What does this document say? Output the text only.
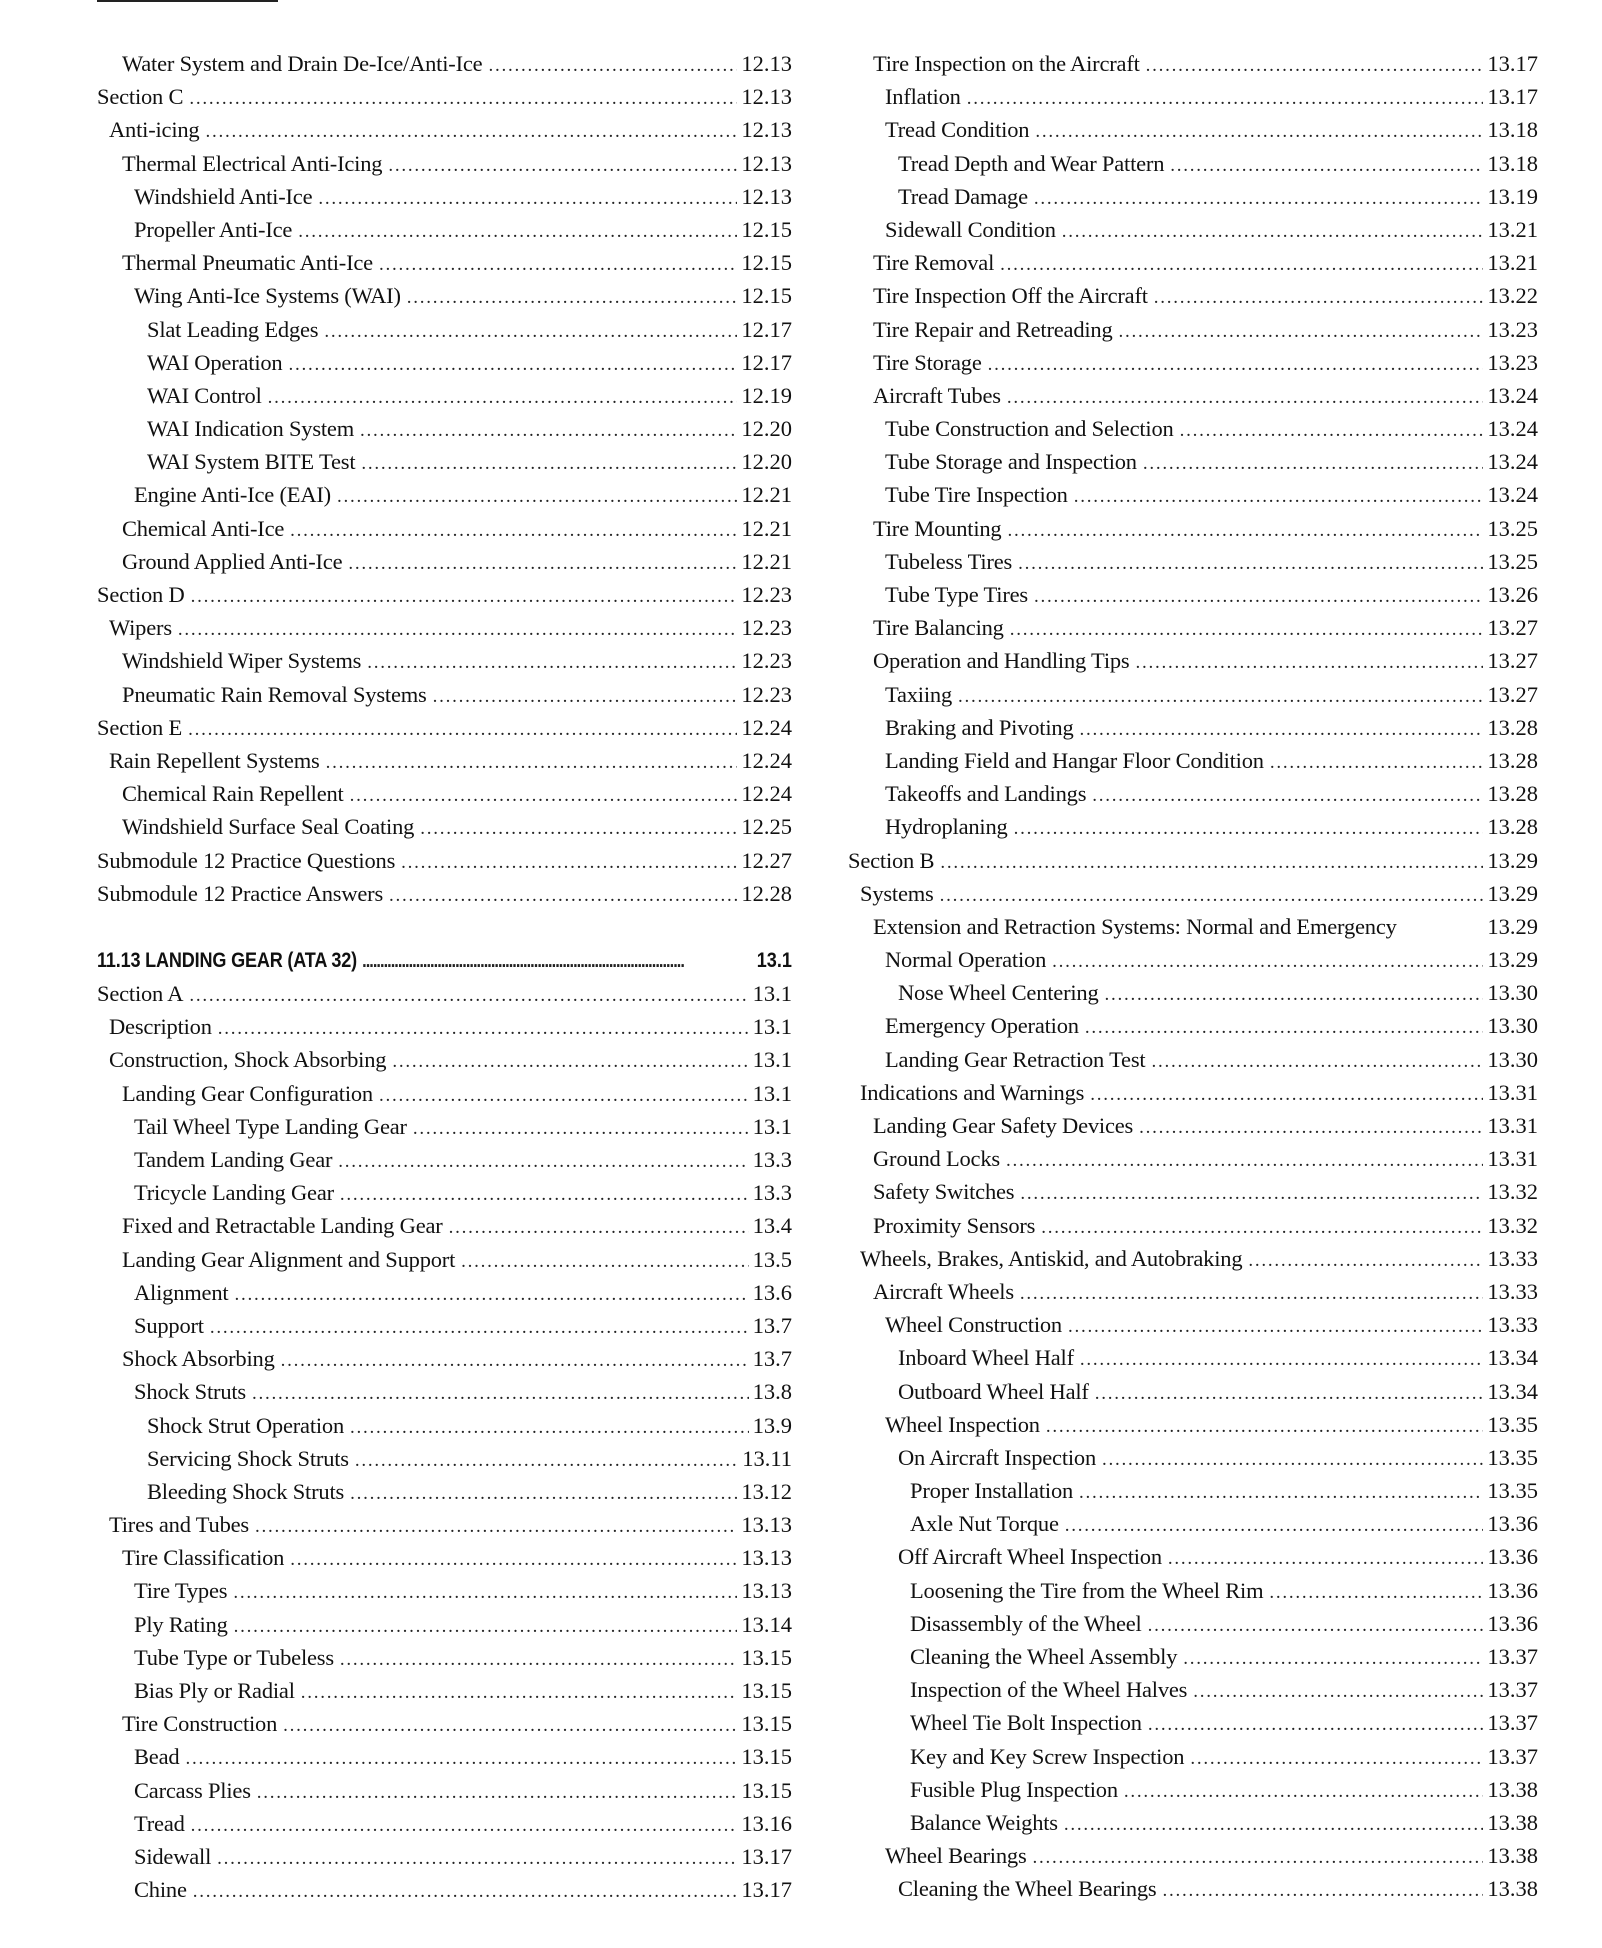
Water System and Drain De-Ice/Anti-Ice . . .	12.13
Section C . . .	12.13
Anti-icing . . .	12.13
Thermal Electrical Anti-Icing . . .	12.13
Windshield Anti-Ice . . .	12.13
Propeller Anti-Ice . . .	12.15
Thermal Pneumatic Anti-Ice . . .	12.15
Wing Anti-Ice Systems (WAI) . . .	12.15
Slat Leading Edges . . .	12.17
WAI Operation . . .	12.17
WAI Control . . .	12.19
WAI Indication System . . .	12.20
WAI System BITE Test . . .	12.20
Engine Anti-Ice (EAI) . . .	12.21
Chemical Anti-Ice . . .	12.21
Ground Applied Anti-Ice . . .	12.21
Section D . . .	12.23
Wipers . . .	12.23
Windshield Wiper Systems . . .	12.23
Pneumatic Rain Removal Systems . . .	12.23
Section E . . .	12.24
Rain Repellent Systems . . .	12.24
Chemical Rain Repellent . . .	12.24
Windshield Surface Seal Coating . . .	12.25
Submodule 12 Practice Questions . . .	12.27
Submodule 12 Practice Answers . . .	12.28
11.13 LANDING GEAR (ATA 32) . . .	13.1
Section A . . .	13.1
Description . . .	13.1
Construction, Shock Absorbing . . .	13.1
Landing Gear Configuration . . .	13.1
Tail Wheel Type Landing Gear . . .	13.1
Tandem Landing Gear . . .	13.3
Tricycle Landing Gear . . .	13.3
Fixed and Retractable Landing Gear . . .	13.4
Landing Gear Alignment and Support . . .	13.5
Alignment . . .	13.6
Support . . .	13.7
Shock Absorbing . . .	13.7
Shock Struts . . .	13.8
Shock Strut Operation . . .	13.9
Servicing Shock Struts . . .	13.11
Bleeding Shock Struts . . .	13.12
Tires and Tubes . . .	13.13
Tire Classification . . .	13.13
Tire Types . . .	13.13
Ply Rating . . .	13.14
Tube Type or Tubeless . . .	13.15
Bias Ply or Radial . . .	13.15
Tire Construction . . .	13.15
Bead . . .	13.15
Carcass Plies . . .	13.15
Tread . . .	13.16
Sidewall . . .	13.17
Chine . . .	13.17
Tire Inspection on the Aircraft . . .	13.17
Inflation . . .	13.17
Tread Condition . . .	13.18
Tread Depth and Wear Pattern . . .	13.18
Tread Damage . . .	13.19
Sidewall Condition . . .	13.21
Tire Removal . . .	13.21
Tire Inspection Off the Aircraft . . .	13.22
Tire Repair and Retreading . . .	13.23
Tire Storage . . .	13.23
Aircraft Tubes . . .	13.24
Tube Construction and Selection . . .	13.24
Tube Storage and Inspection . . .	13.24
Tube Tire Inspection . . .	13.24
Tire Mounting . . .	13.25
Tubeless Tires . . .	13.25
Tube Type Tires . . .	13.26
Tire Balancing . . .	13.27
Operation and Handling Tips . . .	13.27
Taxiing . . .	13.27
Braking and Pivoting . . .	13.28
Landing Field and Hangar Floor Condition . . .	13.28
Takeoffs and Landings . . .	13.28
Hydroplaning . . .	13.28
Section B . . .	13.29
Systems . . .	13.29
Extension and Retraction Systems: Normal and Emergency	13.29
Normal Operation . . .	13.29
Nose Wheel Centering . . .	13.30
Emergency Operation . . .	13.30
Landing Gear Retraction Test . . .	13.30
Indications and Warnings . . .	13.31
Landing Gear Safety Devices . . .	13.31
Ground Locks . . .	13.31
Safety Switches . . .	13.32
Proximity Sensors . . .	13.32
Wheels, Brakes, Antiskid, and Autobraking . . .	13.33
Aircraft Wheels . . .	13.33
Wheel Construction . . .	13.33
Inboard Wheel Half . . .	13.34
Outboard Wheel Half . . .	13.34
Wheel Inspection . . .	13.35
On Aircraft Inspection . . .	13.35
Proper Installation . . .	13.35
Axle Nut Torque . . .	13.36
Off Aircraft Wheel Inspection . . .	13.36
Loosening the Tire from the Wheel Rim . . .	13.36
Disassembly of the Wheel . . .	13.36
Cleaning the Wheel Assembly . . .	13.37
Inspection of the Wheel Halves . . .	13.37
Wheel Tie Bolt Inspection . . .	13.37
Key and Key Screw Inspection . . .	13.37
Fusible Plug Inspection . . .	13.38
Balance Weights . . .	13.38
Wheel Bearings . . .	13.38
Cleaning the Wheel Bearings . . .	13.38
